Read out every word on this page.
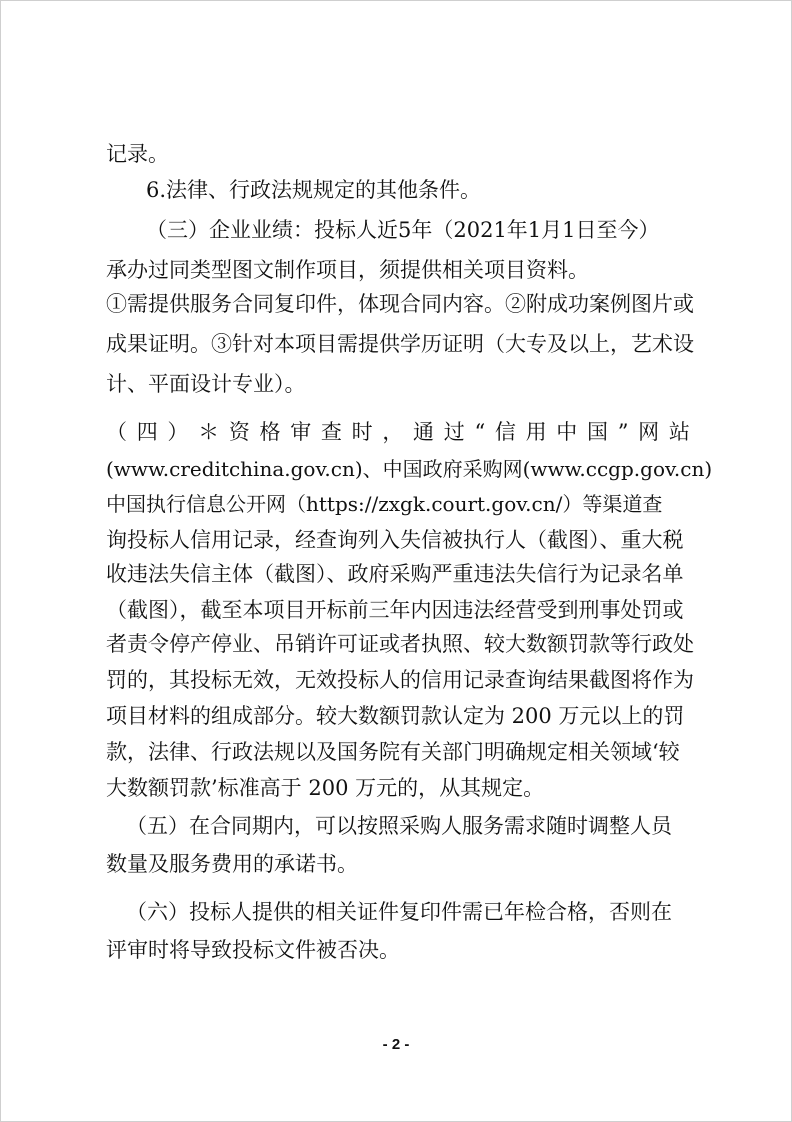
记录。
6.法律、行政法规规定的其他条件。
（三）企业业绩：投标人近5年（2021年1月1日至今）
承办过同类型图文制作项目，须提供相关项目资料。
①需提供服务合同复印件，体现合同内容。②附成功案例图片或
成果证明。③针对本项目需提供学历证明（大专及以上，艺术设
计、平面设计专业）。
（ 四 ） ＊ 资 格 审 查 时 ， 通 过 “ 信 用 中 国 ” 网 站
(www.creditchina.gov.cn)、中国政府采购网(www.ccgp.gov.cn)
中国执行信息公开网（https://zxgk.court.gov.cn/）等渠道查
询投标人信用记录，经查询列入失信被执行人（截图）、重大税
收违法失信主体（截图）、政府采购严重违法失信行为记录名单
（截图），截至本项目开标前三年内因违法经营受到刑事处罚或
者责令停产停业、吊销许可证或者执照、较大数额罚款等行政处
罚的，其投标无效，无效投标人的信用记录查询结果截图将作为
项目材料的组成部分。较大数额罚款认定为 200 万元以上的罚
款，法律、行政法规以及国务院有关部门明确规定相关领域‘较
大数额罚款’标准高于 200 万元的，从其规定。
（五）在合同期内，可以按照采购人服务需求随时调整人员
数量及服务费用的承诺书。
（六）投标人提供的相关证件复印件需已年检合格，否则在
评审时将导致投标文件被否决。
- 2 -
